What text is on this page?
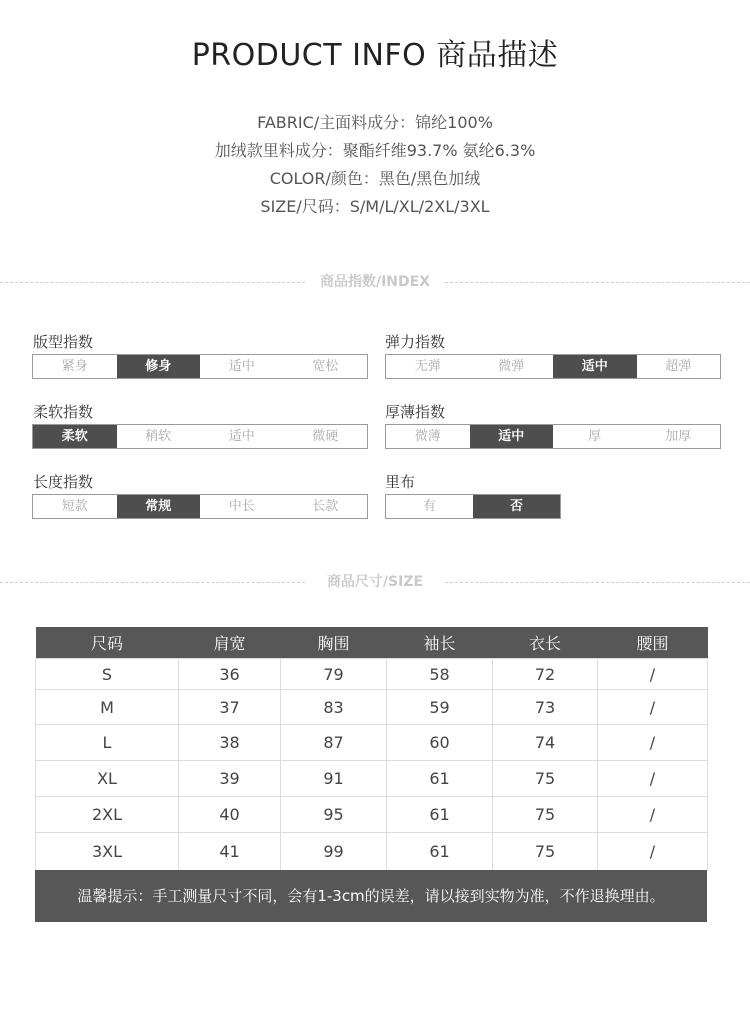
PRODUCT INFO 商品描述
FABRIC/主面料成分：锦纶100%
加绒款里料成分：聚酯纤维93.7% 氨纶6.3%
COLOR/颜色：黑色/黑色加绒
SIZE/尺码：S/M/L/XL/2XL/3XL
商品指数/INDEX
版型指数
紧身	修身	适中	宽松
弹力指数
无弹	微弹	适中	超弹
柔软指数
柔软	稍软	适中	微硬
厚薄指数
微薄	适中	厚	加厚
长度指数
短款	常规	中长	长款
里布
有	否
商品尺寸/SIZE
尺码	肩宽	胸围	袖长	衣长	腰围
S	36	79	58	72	/
M	37	83	59	73	/
L	38	87	60	74	/
XL	39	91	61	75	/
2XL	40	95	61	75	/
3XL	41	99	61	75	/
温馨提示：手工测量尺寸不同，会有1-3cm的误差，请以接到实物为准，不作退换理由。
